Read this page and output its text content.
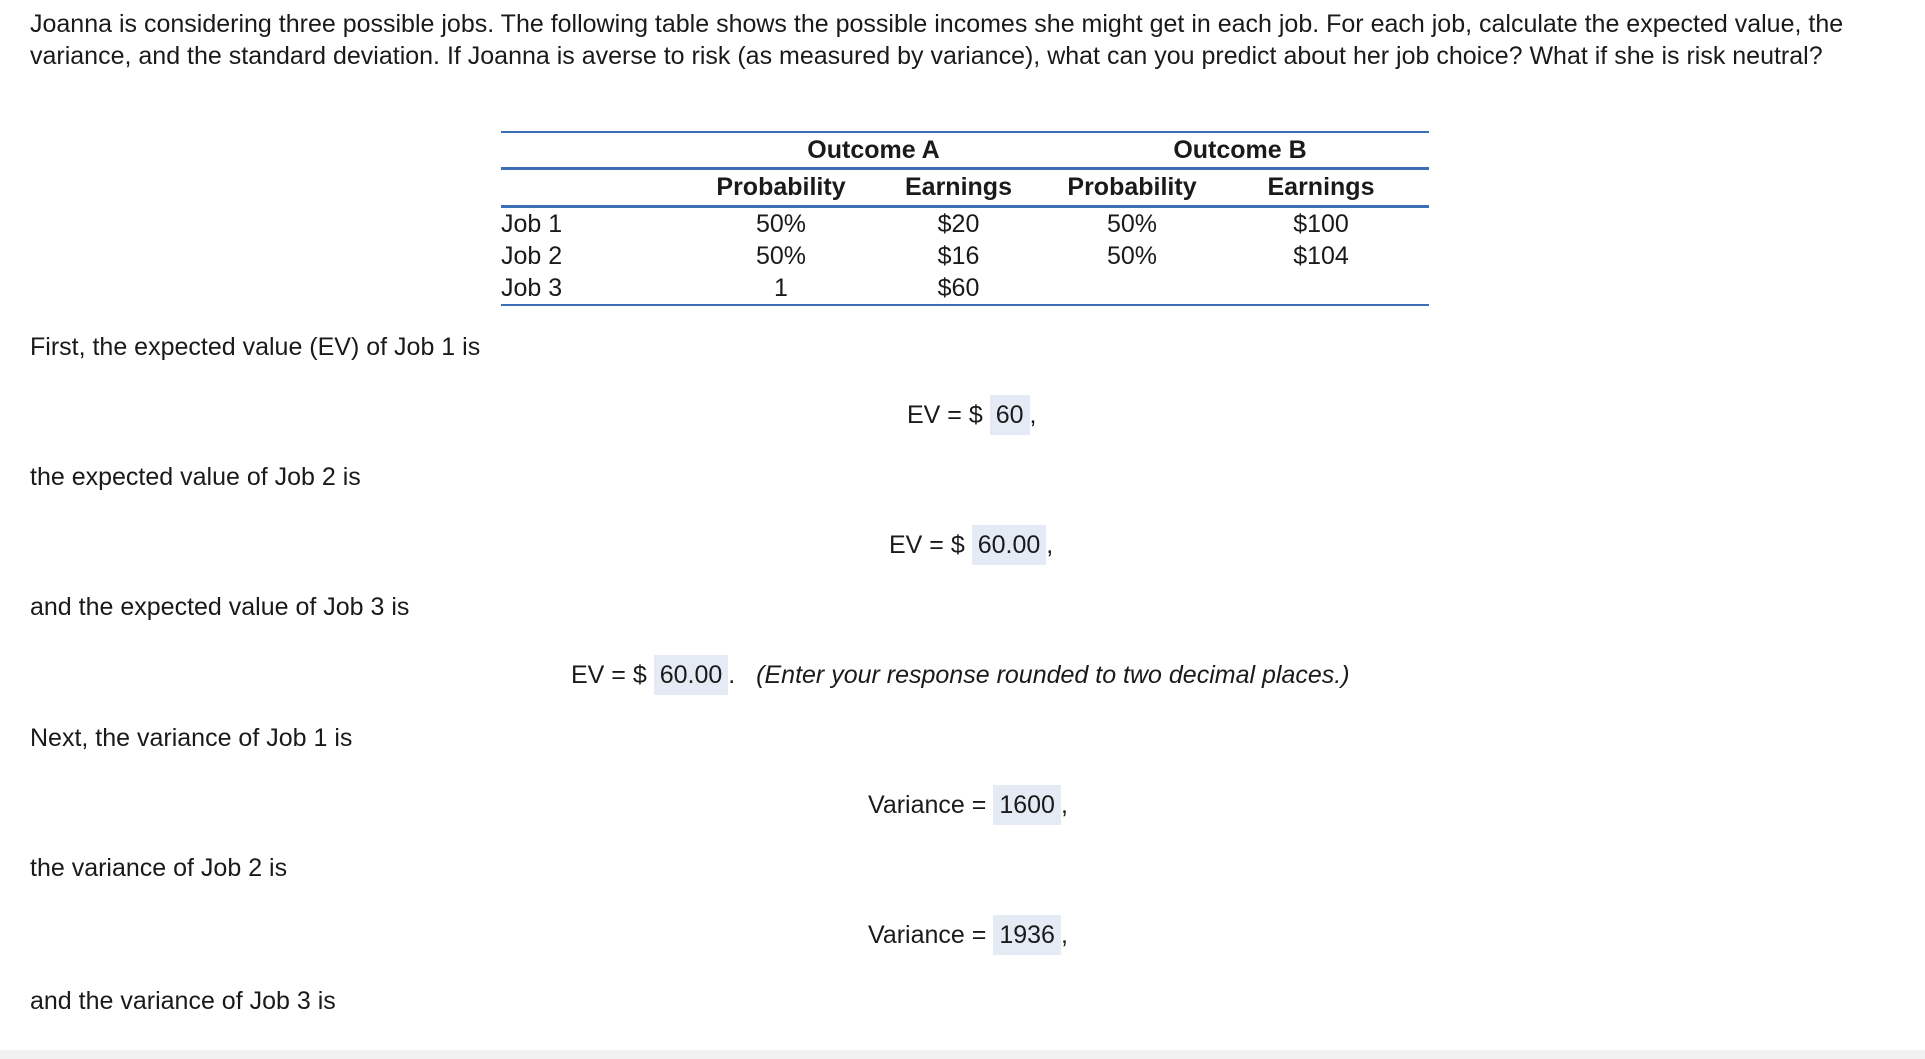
Joanna is considering three possible jobs. The following table shows the possible incomes she might get in each job. For each job, calculate the expected value, the variance, and the standard deviation. If Joanna is averse to risk (as measured by variance), what can you predict about her job choice? What if she is risk neutral?
	Outcome A		Outcome B	
	Probability	Earnings	Probability	Earnings
Job 1	50%	$20	50%	$100
Job 2	50%	$16	50%	$104
Job 3	1	$60		
First, the expected value (EV) of Job 1 is
EV = $ 60 ,
the expected value of Job 2 is
EV = $ 60.00 ,
and the expected value of Job 3 is
EV = $ 60.00 . (Enter your response rounded to two decimal places.)
Next, the variance of Job 1 is
Variance = 1600 ,
the variance of Job 2 is
Variance = 1936 ,
and the variance of Job 3 is
